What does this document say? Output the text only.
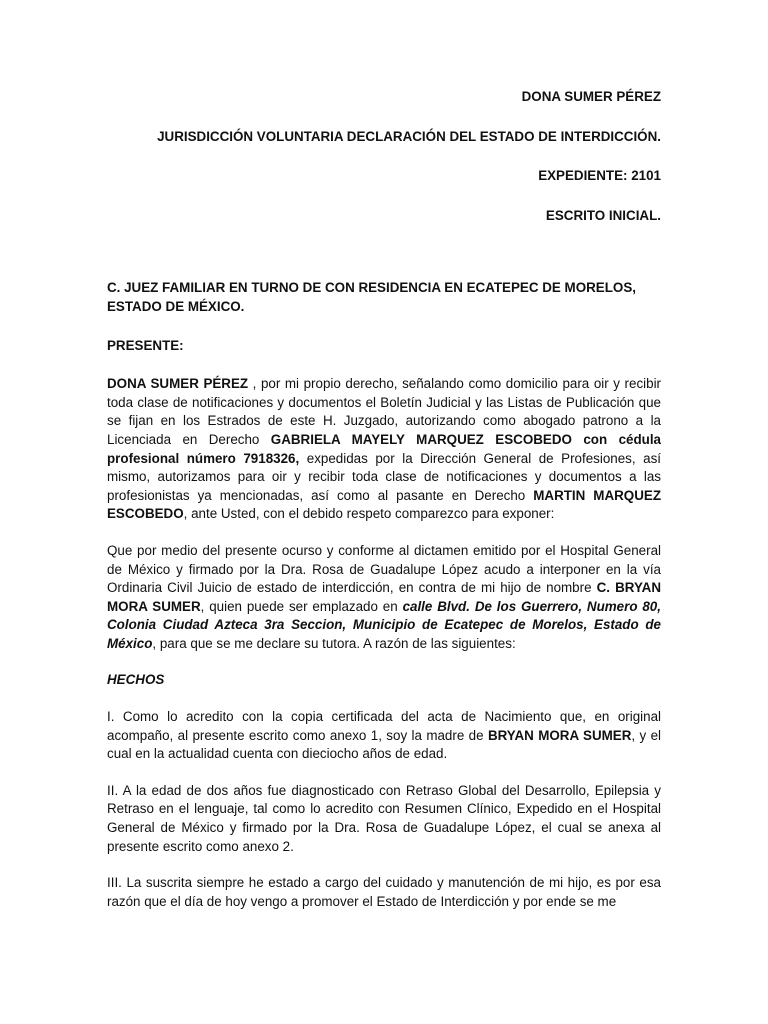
DONA SUMER PÉREZ

JURISDICCIÓN VOLUNTARIA DECLARACIÓN DEL ESTADO DE INTERDICCIÓN.

EXPEDIENTE: 2101

ESCRITO INICIAL.

C. JUEZ FAMILIAR EN TURNO DE CON RESIDENCIA EN ECATEPEC DE MORELOS, ESTADO DE MÉXICO.

PRESENTE:

DONA SUMER PÉREZ , por mi propio derecho, señalando como domicilio para oir y recibir toda clase de notificaciones y documentos el Boletín Judicial y las Listas de Publicación que se fijan en los Estrados de este H. Juzgado, autorizando como abogado patrono a la Licenciada en Derecho GABRIELA MAYELY MARQUEZ ESCOBEDO con cédula profesional número 7918326, expedidas por la Dirección General de Profesiones, así mismo, autorizamos para oir y recibir toda clase de notificaciones y documentos a las profesionistas ya mencionadas, así como al pasante en Derecho MARTIN MARQUEZ ESCOBEDO, ante Usted, con el debido respeto comparezco para exponer:

Que por medio del presente ocurso y conforme al dictamen emitido por el Hospital General de México y firmado por la Dra. Rosa de Guadalupe López acudo a interponer en la vía Ordinaria Civil Juicio de estado de interdicción, en contra de mi hijo de nombre C. BRYAN MORA SUMER, quien puede ser emplazado en calle Blvd. De los Guerrero, Numero 80, Colonia Ciudad Azteca 3ra Seccion, Municipio de Ecatepec de Morelos, Estado de México, para que se me declare su tutora. A razón de las siguientes:

HECHOS

I. Como lo acredito con la copia certificada del acta de Nacimiento que, en original acompaño, al presente escrito como anexo 1, soy la madre de BRYAN MORA SUMER, y el cual en la actualidad cuenta con dieciocho años de edad.

II. A la edad de dos años fue diagnosticado con Retraso Global del Desarrollo, Epilepsia y Retraso en el lenguaje, tal como lo acredito con Resumen Clínico, Expedido en el Hospital General de México y firmado por la Dra. Rosa de Guadalupe López, el cual se anexa al presente escrito como anexo 2.

III. La suscrita siempre he estado a cargo del cuidado y manutención de mi hijo, es por esa razón que el día de hoy vengo a promover el Estado de Interdicción y por ende se me
